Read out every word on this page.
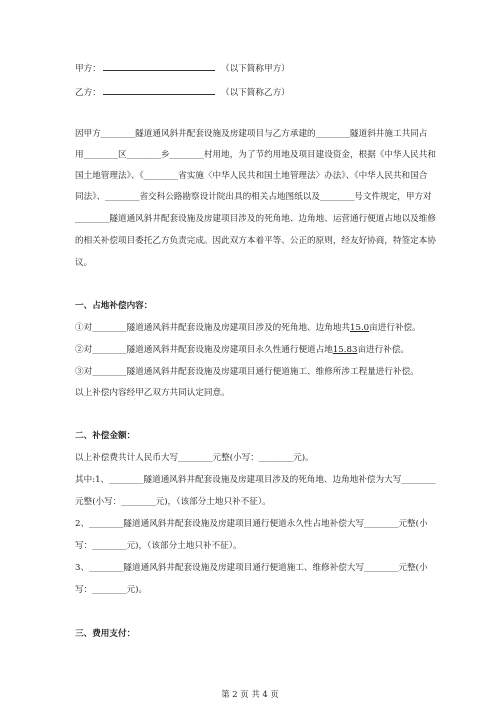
甲方：	（以下简称甲方）
乙方：	（以下简称乙方）
因甲方________隧道通风斜井配套设施及房建项目与乙方承建的________隧道斜井施工共同占
用________区________乡________村用地，为了节约用地及项目建设资金，根据《中华人民共和
国土地管理法》、《________省实施〈中华人民共和国土地管理法〉办法》、《中华人民共和国合
同法》、________省交科公路勘察设计院出具的相关占地图纸以及________号文件规定，甲方对
________隧道通风斜井配套设施及房建项目涉及的死角地、边角地、运营通行便道占地以及维修
的相关补偿项目委托乙方负责完成。因此双方本着平等、公正的原则，经友好协商，特签定本协
议。
一、占地补偿内容：
①对________隧道通风斜井配套设施及房建项目涉及的死角地、边角地共15.0亩进行补偿。
②对________隧道通风斜井配套设施及房建项目永久性通行便道占地15.83亩进行补偿。
③对________隧道通风斜井配套设施及房建项目通行便道施工、维修所涉工程量进行补偿。
以上补偿内容经甲乙双方共同认定同意。
二、补偿金额：
以上补偿费共计人民币大写________元整(小写：________元)。
其中:1、________隧道通风斜井配套设施及房建项目涉及的死角地、边角地补偿为大写________
元整(小写：________元)，（该部分土地只补不征）。
2、________隧道通风斜井配套设施及房建项目通行便道永久性占地补偿大写________元整(小
写：________元)，（该部分土地只补不征）。
3、________隧道通风斜井配套设施及房建项目通行便道施工、维修补偿大写________元整(小
写：________元)。
三、费用支付：
第 2 页 共 4 页
